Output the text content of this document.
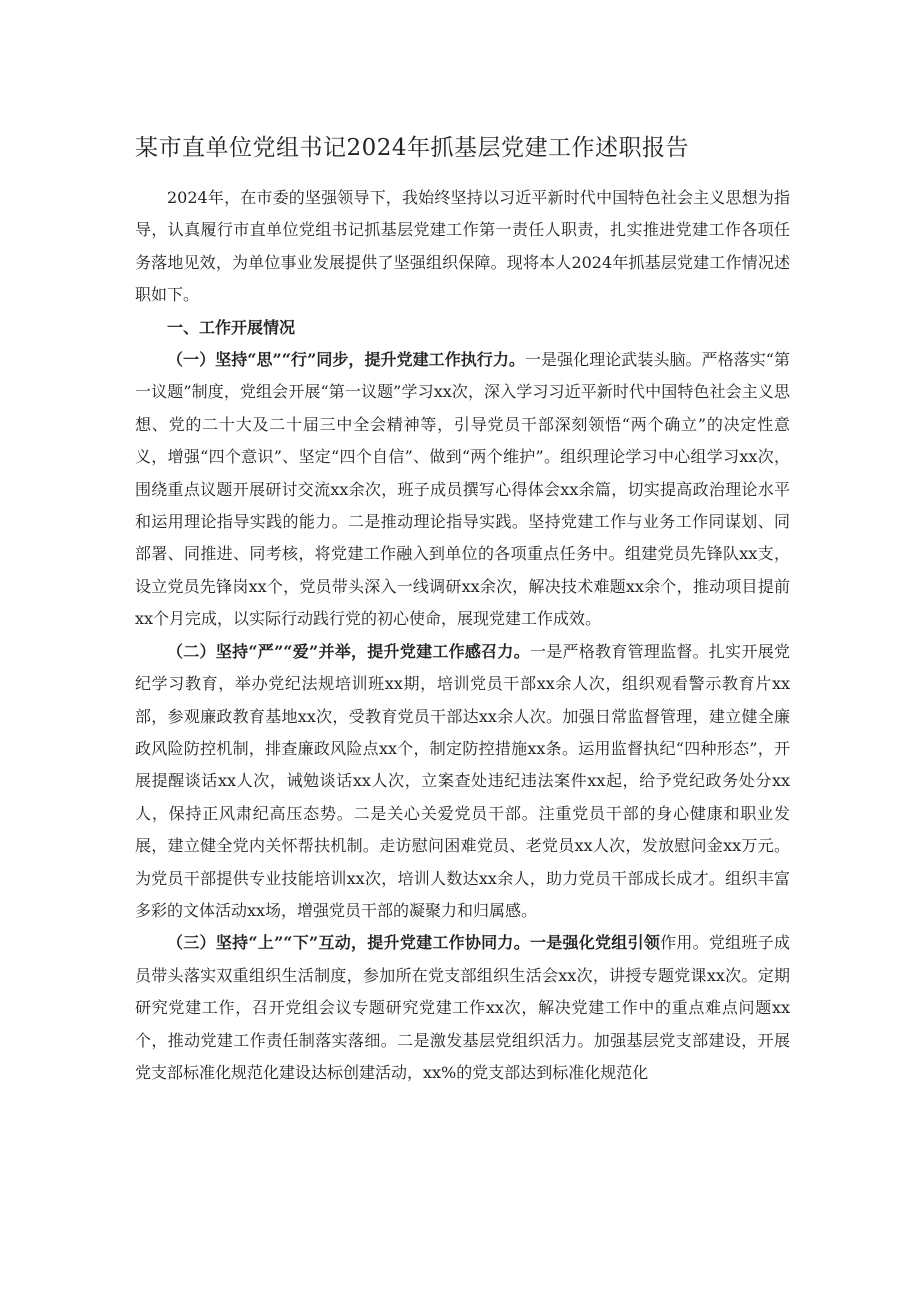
某市直单位党组书记2024年抓基层党建工作述职报告

2024年，在市委的坚强领导下，我始终坚持以习近平新时代中国特色社会主义思想为指导，认真履行市直单位党组书记抓基层党建工作第一责任人职责，扎实推进党建工作各项任务落地见效，为单位事业发展提供了坚强组织保障。现将本人2024年抓基层党建工作情况述职如下。

一、工作开展情况

（一）坚持“思”“行”同步，提升党建工作执行力。一是强化理论武装头脑。严格落实“第一议题”制度，党组会开展“第一议题”学习xx次，深入学习习近平新时代中国特色社会主义思想、党的二十大及二十届三中全会精神等，引导党员干部深刻领悟“两个确立”的决定性意义，增强“四个意识”、坚定“四个自信”、做到“两个维护”。组织理论学习中心组学习xx次，围绕重点议题开展研讨交流xx余次，班子成员撰写心得体会xx余篇，切实提高政治理论水平和运用理论指导实践的能力。二是推动理论指导实践。坚持党建工作与业务工作同谋划、同部署、同推进、同考核，将党建工作融入到单位的各项重点任务中。组建党员先锋队xx支，设立党员先锋岗xx个，党员带头深入一线调研xx余次，解决技术难题xx余个，推动项目提前xx个月完成，以实际行动践行党的初心使命，展现党建工作成效。

（二）坚持“严”“爱”并举，提升党建工作感召力。一是严格教育管理监督。扎实开展党纪学习教育，举办党纪法规培训班xx期，培训党员干部xx余人次，组织观看警示教育片xx部，参观廉政教育基地xx次，受教育党员干部达xx余人次。加强日常监督管理，建立健全廉政风险防控机制，排查廉政风险点xx个，制定防控措施xx条。运用监督执纪“四种形态”，开展提醒谈话xx人次，诫勉谈话xx人次，立案查处违纪违法案件xx起，给予党纪政务处分xx人，保持正风肃纪高压态势。二是关心关爱党员干部。注重党员干部的身心健康和职业发展，建立健全党内关怀帮扶机制。走访慰问困难党员、老党员xx人次，发放慰问金xx万元。为党员干部提供专业技能培训xx次，培训人数达xx余人，助力党员干部成长成才。组织丰富多彩的文体活动xx场，增强党员干部的凝聚力和归属感。

（三）坚持“上”“下”互动，提升党建工作协同力。一是强化党组引领作用。党组班子成员带头落实双重组织生活制度，参加所在党支部组织生活会xx次，讲授专题党课xx次。定期研究党建工作，召开党组会议专题研究党建工作xx次，解决党建工作中的重点难点问题xx个，推动党建工作责任制落实落细。二是激发基层党组织活力。加强基层党支部建设，开展党支部标准化规范化建设达标创建活动，xx%的党支部达到标准化规范化
